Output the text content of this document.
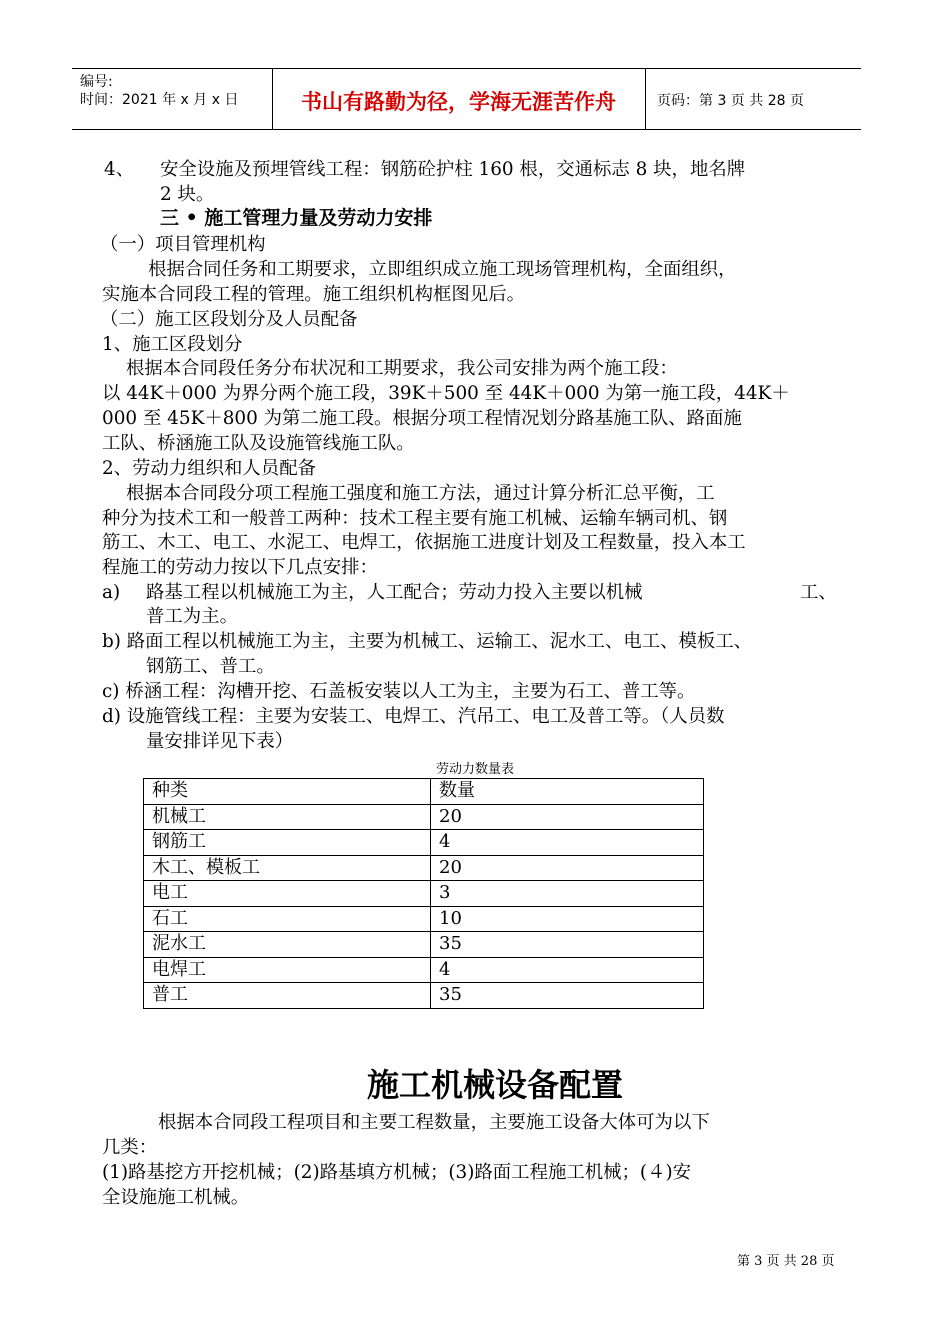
编号:
时间：2021 年 x 月 x 日	书山有路勤为径，学海无涯苦作舟	页码：第 3 页 共 28 页
4、 安全设施及预埋管线工程：钢筋砼护柱 160 根，交通标志 8 块，地名牌
2 块。
三 • 施工管理力量及劳动力安排
（一）项目管理机构
根据合同任务和工期要求，立即组织成立施工现场管理机构，全面组织，
实施本合同段工程的管理。施工组织机构框图见后。
（二）施工区段划分及人员配备
1、施工区段划分
根据本合同段任务分布状况和工期要求，我公司安排为两个施工段：
以 44K＋000 为界分两个施工段，39K＋500 至 44K＋000 为第一施工段，44K＋
000 至 45K＋800 为第二施工段。根据分项工程情况划分路基施工队、路面施
工队、桥涵施工队及设施管线施工队。
2、劳动力组织和人员配备
根据本合同段分项工程施工强度和施工方法，通过计算分析汇总平衡，工
种分为技术工和一般普工两种：技术工程主要有施工机械、运输车辆司机、钢
筋工、木工、电工、水泥工、电焊工，依据施工进度计划及工程数量，投入本工
程施工的劳动力按以下几点安排：
a) 路基工程以机械施工为主，人工配合；劳动力投入主要以机械	工、
普工为主。
b) 路面工程以机械施工为主，主要为机械工、运输工、泥水工、电工、模板工、
钢筋工、普工。
c) 桥涵工程：沟槽开挖、石盖板安装以人工为主，主要为石工、普工等。
d) 设施管线工程：主要为安装工、电焊工、汽吊工、电工及普工等。（人员数
量安排详见下表）
劳动力数量表
种类	数量
机械工	20
钢筋工	4
木工、模板工	20
电工	3
石工	10
泥水工	35
电焊工	4
普工	35
施工机械设备配置
根据本合同段工程项目和主要工程数量，主要施工设备大体可为以下
几类：
(1)路基挖方开挖机械；(2)路基填方机械；(3)路面工程施工机械；(４)安
全设施施工机械。
第 3 页 共 28 页
